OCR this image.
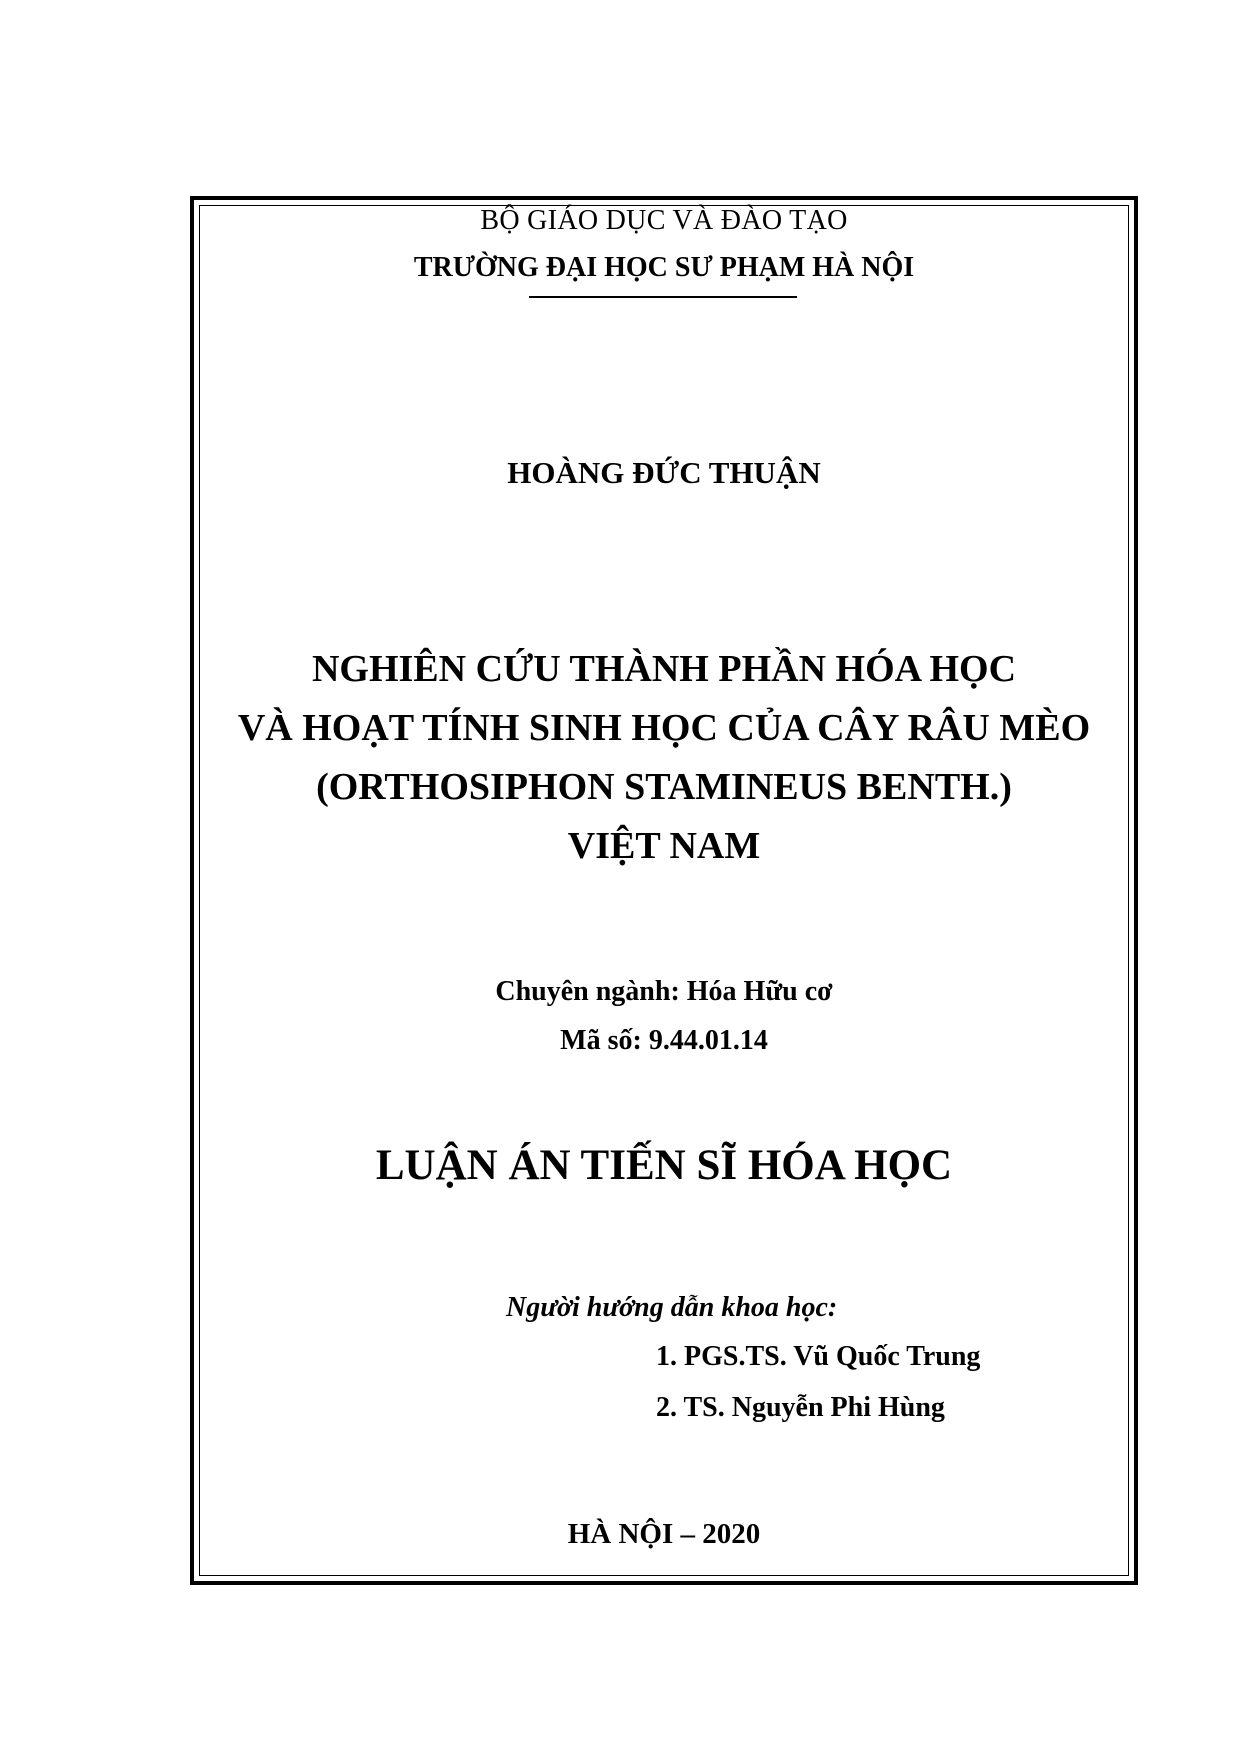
BỘ GIÁO DỤC VÀ ĐÀO TẠO
TRƯỜNG ĐẠI HỌC SƯ PHẠM HÀ NỘI
HOÀNG ĐỨC THUẬN
NGHIÊN CỨU THÀNH PHẦN HÓA HỌC
VÀ HOẠT TÍNH SINH HỌC CỦA CÂY RÂU MÈO
(ORTHOSIPHON STAMINEUS BENTH.)
VIỆT NAM
Chuyên ngành: Hóa Hữu cơ
Mã số: 9.44.01.14
LUẬN ÁN TIẾN SĨ HÓA HỌC
Người hướng dẫn khoa học:
1. PGS.TS. Vũ Quốc Trung
2. TS. Nguyễn Phi Hùng
HÀ NỘI – 2020
